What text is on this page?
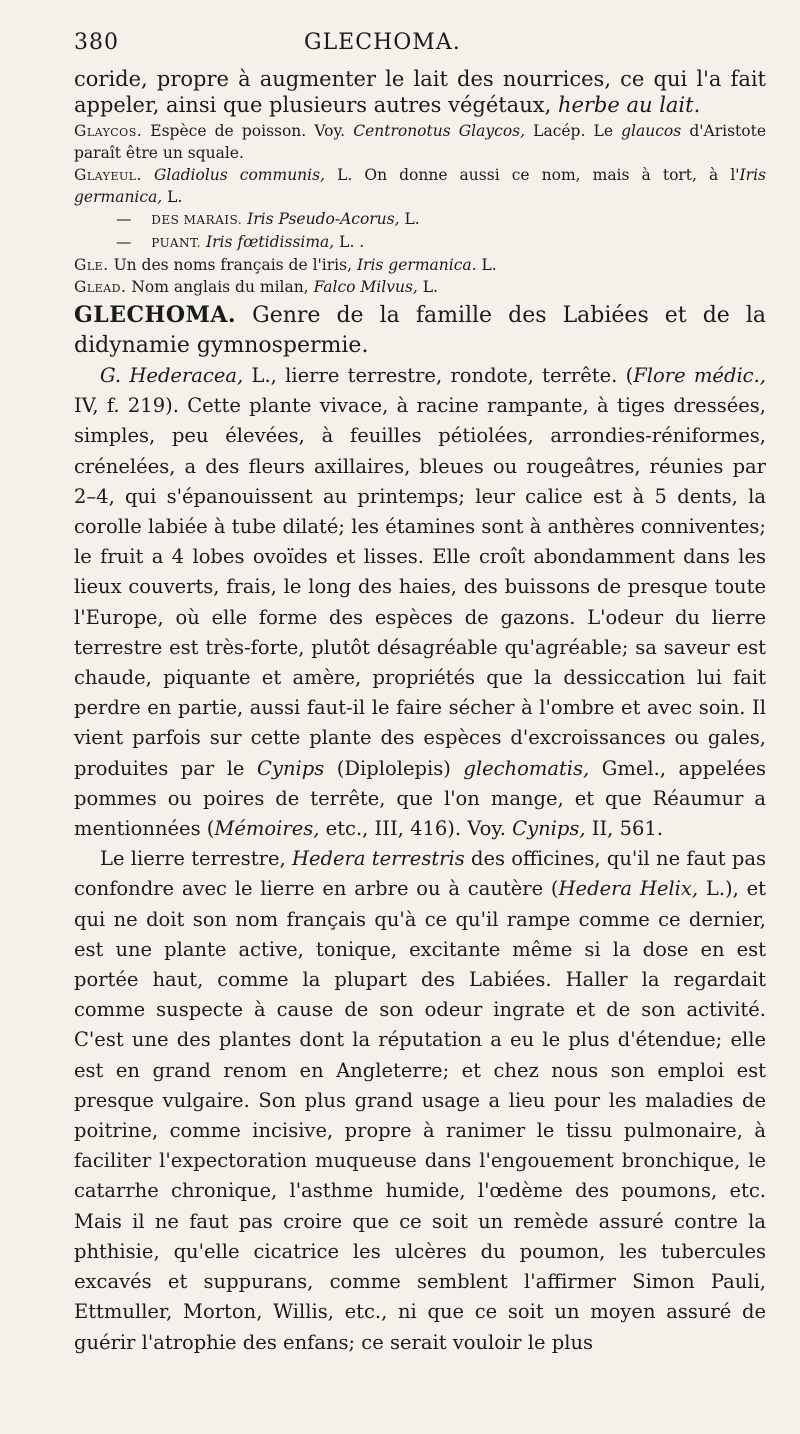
380	GLECHOMA.

coride, propre à augmenter le lait des nourrices, ce qui l'a fait appeler, ainsi que plusieurs autres végétaux, herbe au lait.

Glaycos. Espèce de poisson. Voy. Centronotus Glaycos, Lacép. Le glaucos d'Aristote paraît être un squale.

Glayeul. Gladiolus communis, L. On donne aussi ce nom, mais à tort, à l'Iris germanica, L.

— DES MARAIS. Iris Pseudo-Acorus, L.

— PUANT. Iris fœtidissima, L. .

Gle. Un des noms français de l'iris, Iris germanica. L.

Glead. Nom anglais du milan, Falco Milvus, L.

GLECHOMA. Genre de la famille des Labiées et de la didynamie gymnospermie.

G. Hederacea, L., lierre terrestre, rondote, terrête. (Flore médic., IV, f. 219). Cette plante vivace, à racine rampante, à tiges dressées, simples, peu élevées, à feuilles pétiolées, arrondies-réniformes, crénelées, a des fleurs axillaires, bleues ou rougeâtres, réunies par 2–4, qui s'épanouissent au printemps; leur calice est à 5 dents, la corolle labiée à tube dilaté; les étamines sont à anthères conniventes; le fruit a 4 lobes ovoïdes et lisses. Elle croît abondamment dans les lieux couverts, frais, le long des haies, des buissons de presque toute l'Europe, où elle forme des espèces de gazons. L'odeur du lierre terrestre est très-forte, plutôt désagréable qu'agréable; sa saveur est chaude, piquante et amère, propriétés que la dessiccation lui fait perdre en partie, aussi faut-il le faire sécher à l'ombre et avec soin. Il vient parfois sur cette plante des espèces d'excroissances ou gales, produites par le Cynips (Diplolepis) glechomatis, Gmel., appelées pommes ou poires de terrête, que l'on mange, et que Réaumur a mentionnées (Mémoires, etc., III, 416). Voy. Cynips, II, 561.

Le lierre terrestre, Hedera terrestris des officines, qu'il ne faut pas confondre avec le lierre en arbre ou à cautère (Hedera Helix, L.), et qui ne doit son nom français qu'à ce qu'il rampe comme ce dernier, est une plante active, tonique, excitante même si la dose en est portée haut, comme la plupart des Labiées. Haller la regardait comme suspecte à cause de son odeur ingrate et de son activité. C'est une des plantes dont la réputation a eu le plus d'étendue; elle est en grand renom en Angleterre; et chez nous son emploi est presque vulgaire. Son plus grand usage a lieu pour les maladies de poitrine, comme incisive, propre à ranimer le tissu pulmonaire, à faciliter l'expectoration muqueuse dans l'engouement bronchique, le catarrhe chronique, l'asthme humide, l'œdème des poumons, etc. Mais il ne faut pas croire que ce soit un remède assuré contre la phthisie, qu'elle cicatrice les ulcères du poumon, les tubercules excavés et suppurans, comme semblent l'affirmer Simon Pauli, Ettmuller, Morton, Willis, etc., ni que ce soit un moyen assuré de guérir l'atrophie des enfans; ce serait vouloir le plus
